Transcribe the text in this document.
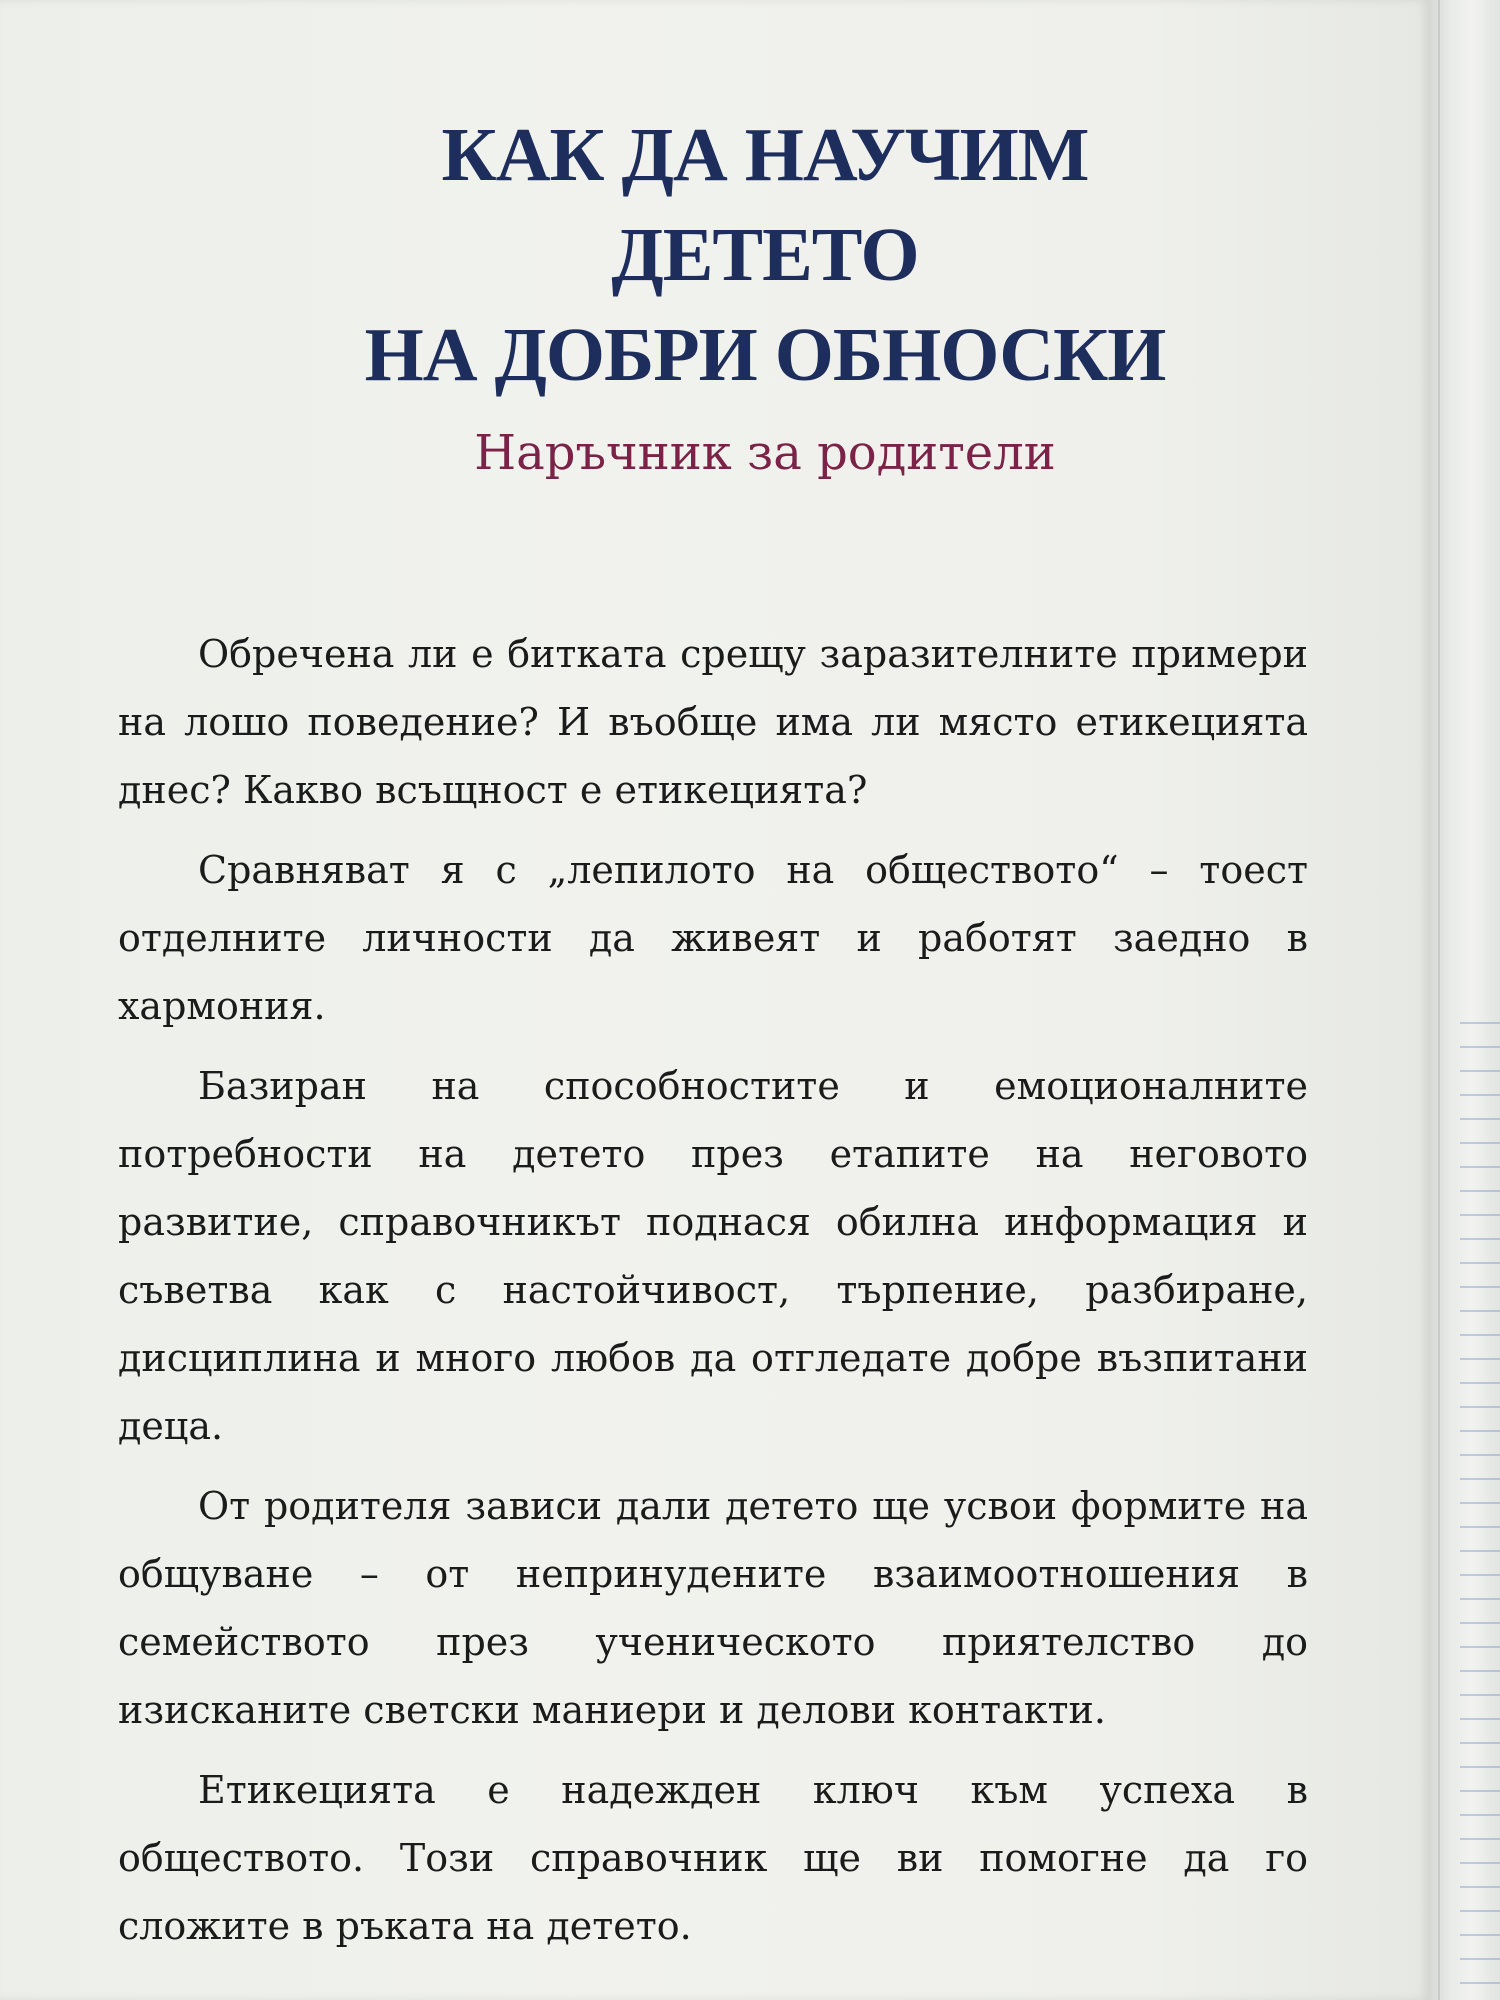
КАК ДА НАУЧИМ
ДЕТЕТО
НА ДОБРИ ОБНОСКИ
Наръчник за родители

Обречена ли е битката срещу заразителните примери на лошо поведение? И въобще има ли място етикецията днес? Какво всъщност е етикецията?

Сравняват я с „лепилото на обществото“ – тоест отделните личности да живеят и работят заедно в хармония.

Базиран на способностите и емоционалните потребности на детето през етапите на неговото развитие, справочникът поднася обилна информация и съветва как с настойчивост, търпение, разбиране, дисциплина и много любов да отгледате добре възпитани деца.

От родителя зависи дали детето ще усвои формите на общуване – от непринудените взаимоотношения в семейството през ученическото приятелство до изисканите светски маниери и делови контакти.

Етикецията е надежден ключ към успеха в обществото. Този справочник ще ви помогне да го сложите в ръката на детето.
